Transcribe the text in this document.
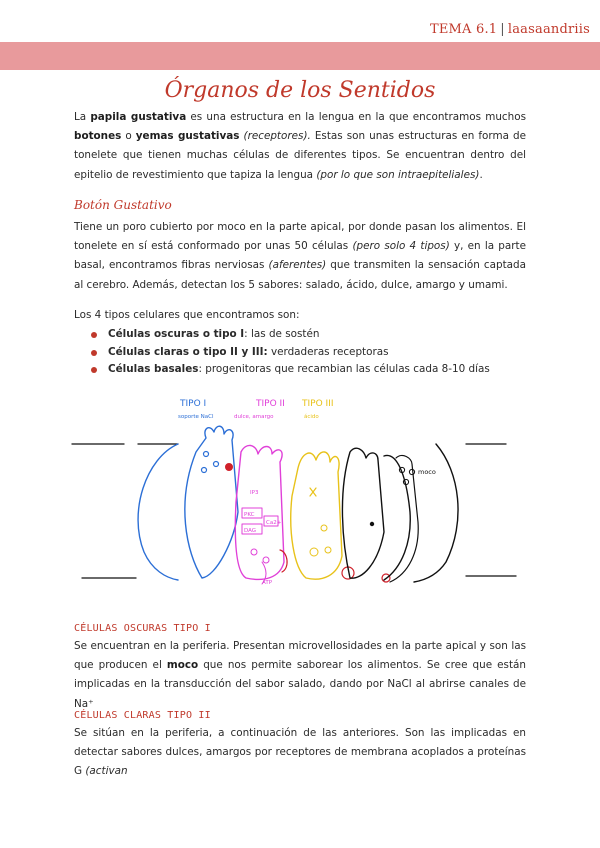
TEMA 6.1 | laasaandriis
Órganos de los Sentidos
La papila gustativa es una estructura en la lengua en la que encontramos muchos botones o yemas gustativas (receptores). Estas son unas estructuras en forma de tonelete que tienen muchas células de diferentes tipos. Se encuentran dentro del epitelio de revestimiento que tapiza la lengua (por lo que son intraepiteliales).
Botón Gustativo
Tiene un poro cubierto por moco en la parte apical, por donde pasan los alimentos. El tonelete en sí está conformado por unas 50 células (pero solo 4 tipos) y, en la parte basal, encontramos fibras nerviosas (aferentes) que transmiten la sensación captada al cerebro. Además, detectan los 5 sabores: salado, ácido, dulce, amargo y umami.
Los 4 tipos celulares que encontramos son:
Células oscuras o tipo I: las de sostén
Células claras o tipo II y III: verdaderas receptoras
Células basales: progenitoras que recambian las células cada 8-10 días
TIPO I	TIPO II TIPO III
soporte NaCl	dulce, amargo	ácido
IP3
PKC
DAG
Ca2+
ATP
moco
CÉLULAS OSCURAS TIPO I
Se encuentran en la periferia. Presentan microvellosidades en la parte apical y son las que producen el moco que nos permite saborear los alimentos. Se cree que están implicadas en la transducción del sabor salado, dando por NaCl al abrirse canales de Na⁺
CÉLULAS CLARAS TIPO II
Se sitúan en la periferia, a continuación de las anteriores. Son las implicadas en detectar sabores dulces, amargos por receptores de membrana acoplados a proteínas G (activan
